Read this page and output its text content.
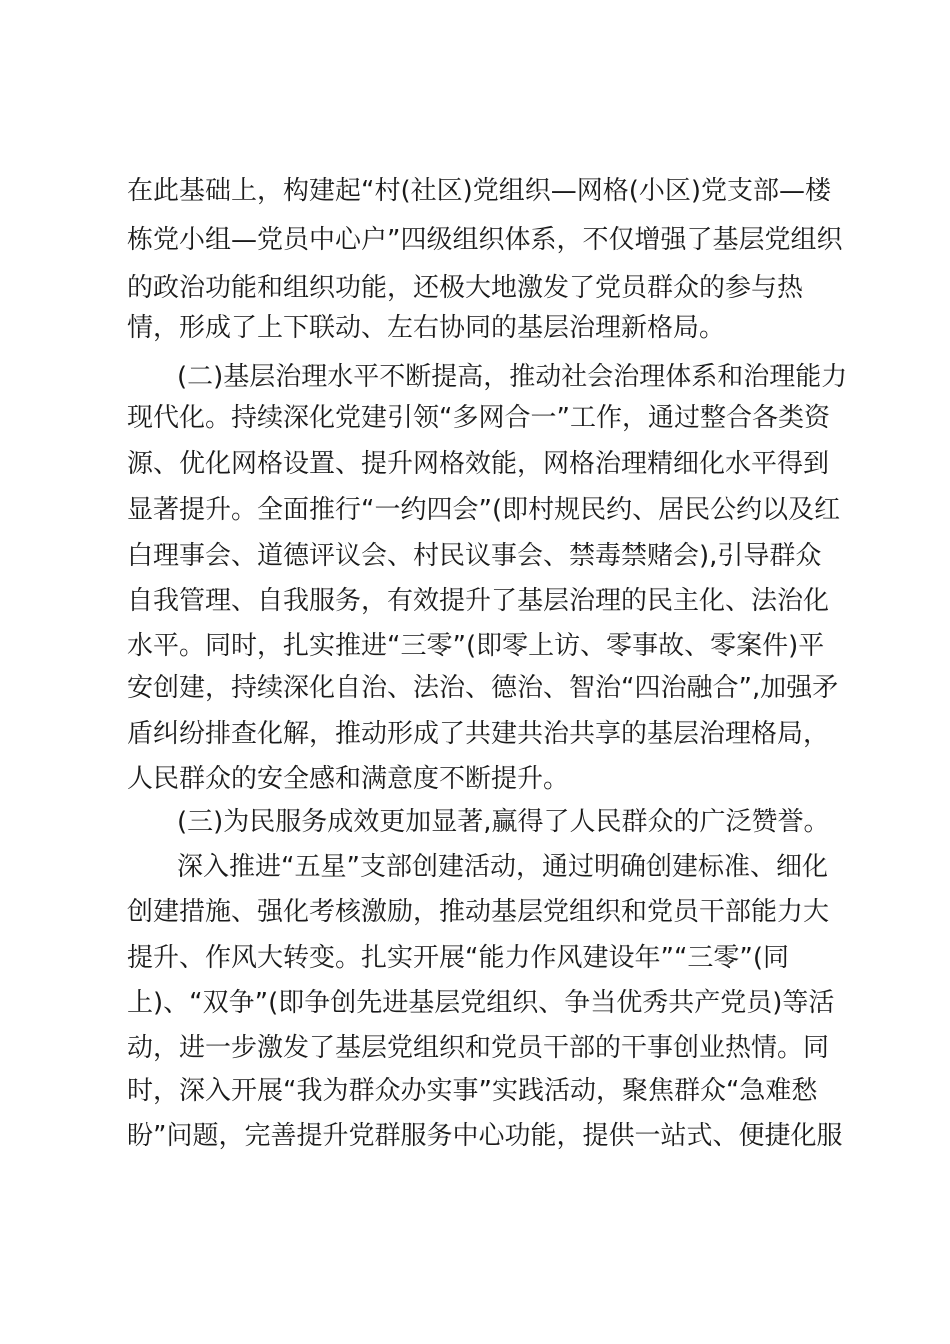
在此基础上，构建起“村(社区)党组织—网格(小区)党支部—楼
栋党小组—党员中心户”四级组织体系，不仅增强了基层党组织
的政治功能和组织功能，还极大地激发了党员群众的参与热
情，形成了上下联动、左右协同的基层治理新格局。
(二)基层治理水平不断提高，推动社会治理体系和治理能力
现代化。持续深化党建引领“多网合一”工作，通过整合各类资
源、优化网格设置、提升网格效能，网格治理精细化水平得到
显著提升。全面推行“一约四会”(即村规民约、居民公约以及红
白理事会、道德评议会、村民议事会、禁毒禁赌会),引导群众
自我管理、自我服务，有效提升了基层治理的民主化、法治化
水平。同时，扎实推进“三零”(即零上访、零事故、零案件)平
安创建，持续深化自治、法治、德治、智治“四治融合”,加强矛
盾纠纷排查化解，推动形成了共建共治共享的基层治理格局，
人民群众的安全感和满意度不断提升。
(三)为民服务成效更加显著,赢得了人民群众的广泛赞誉。
深入推进“五星”支部创建活动，通过明确创建标准、细化
创建措施、强化考核激励，推动基层党组织和党员干部能力大
提升、作风大转变。扎实开展“能力作风建设年”“三零”(同
上)、“双争”(即争创先进基层党组织、争当优秀共产党员)等活
动，进一步激发了基层党组织和党员干部的干事创业热情。同
时，深入开展“我为群众办实事”实践活动，聚焦群众“急难愁
盼”问题，完善提升党群服务中心功能，提供一站式、便捷化服
